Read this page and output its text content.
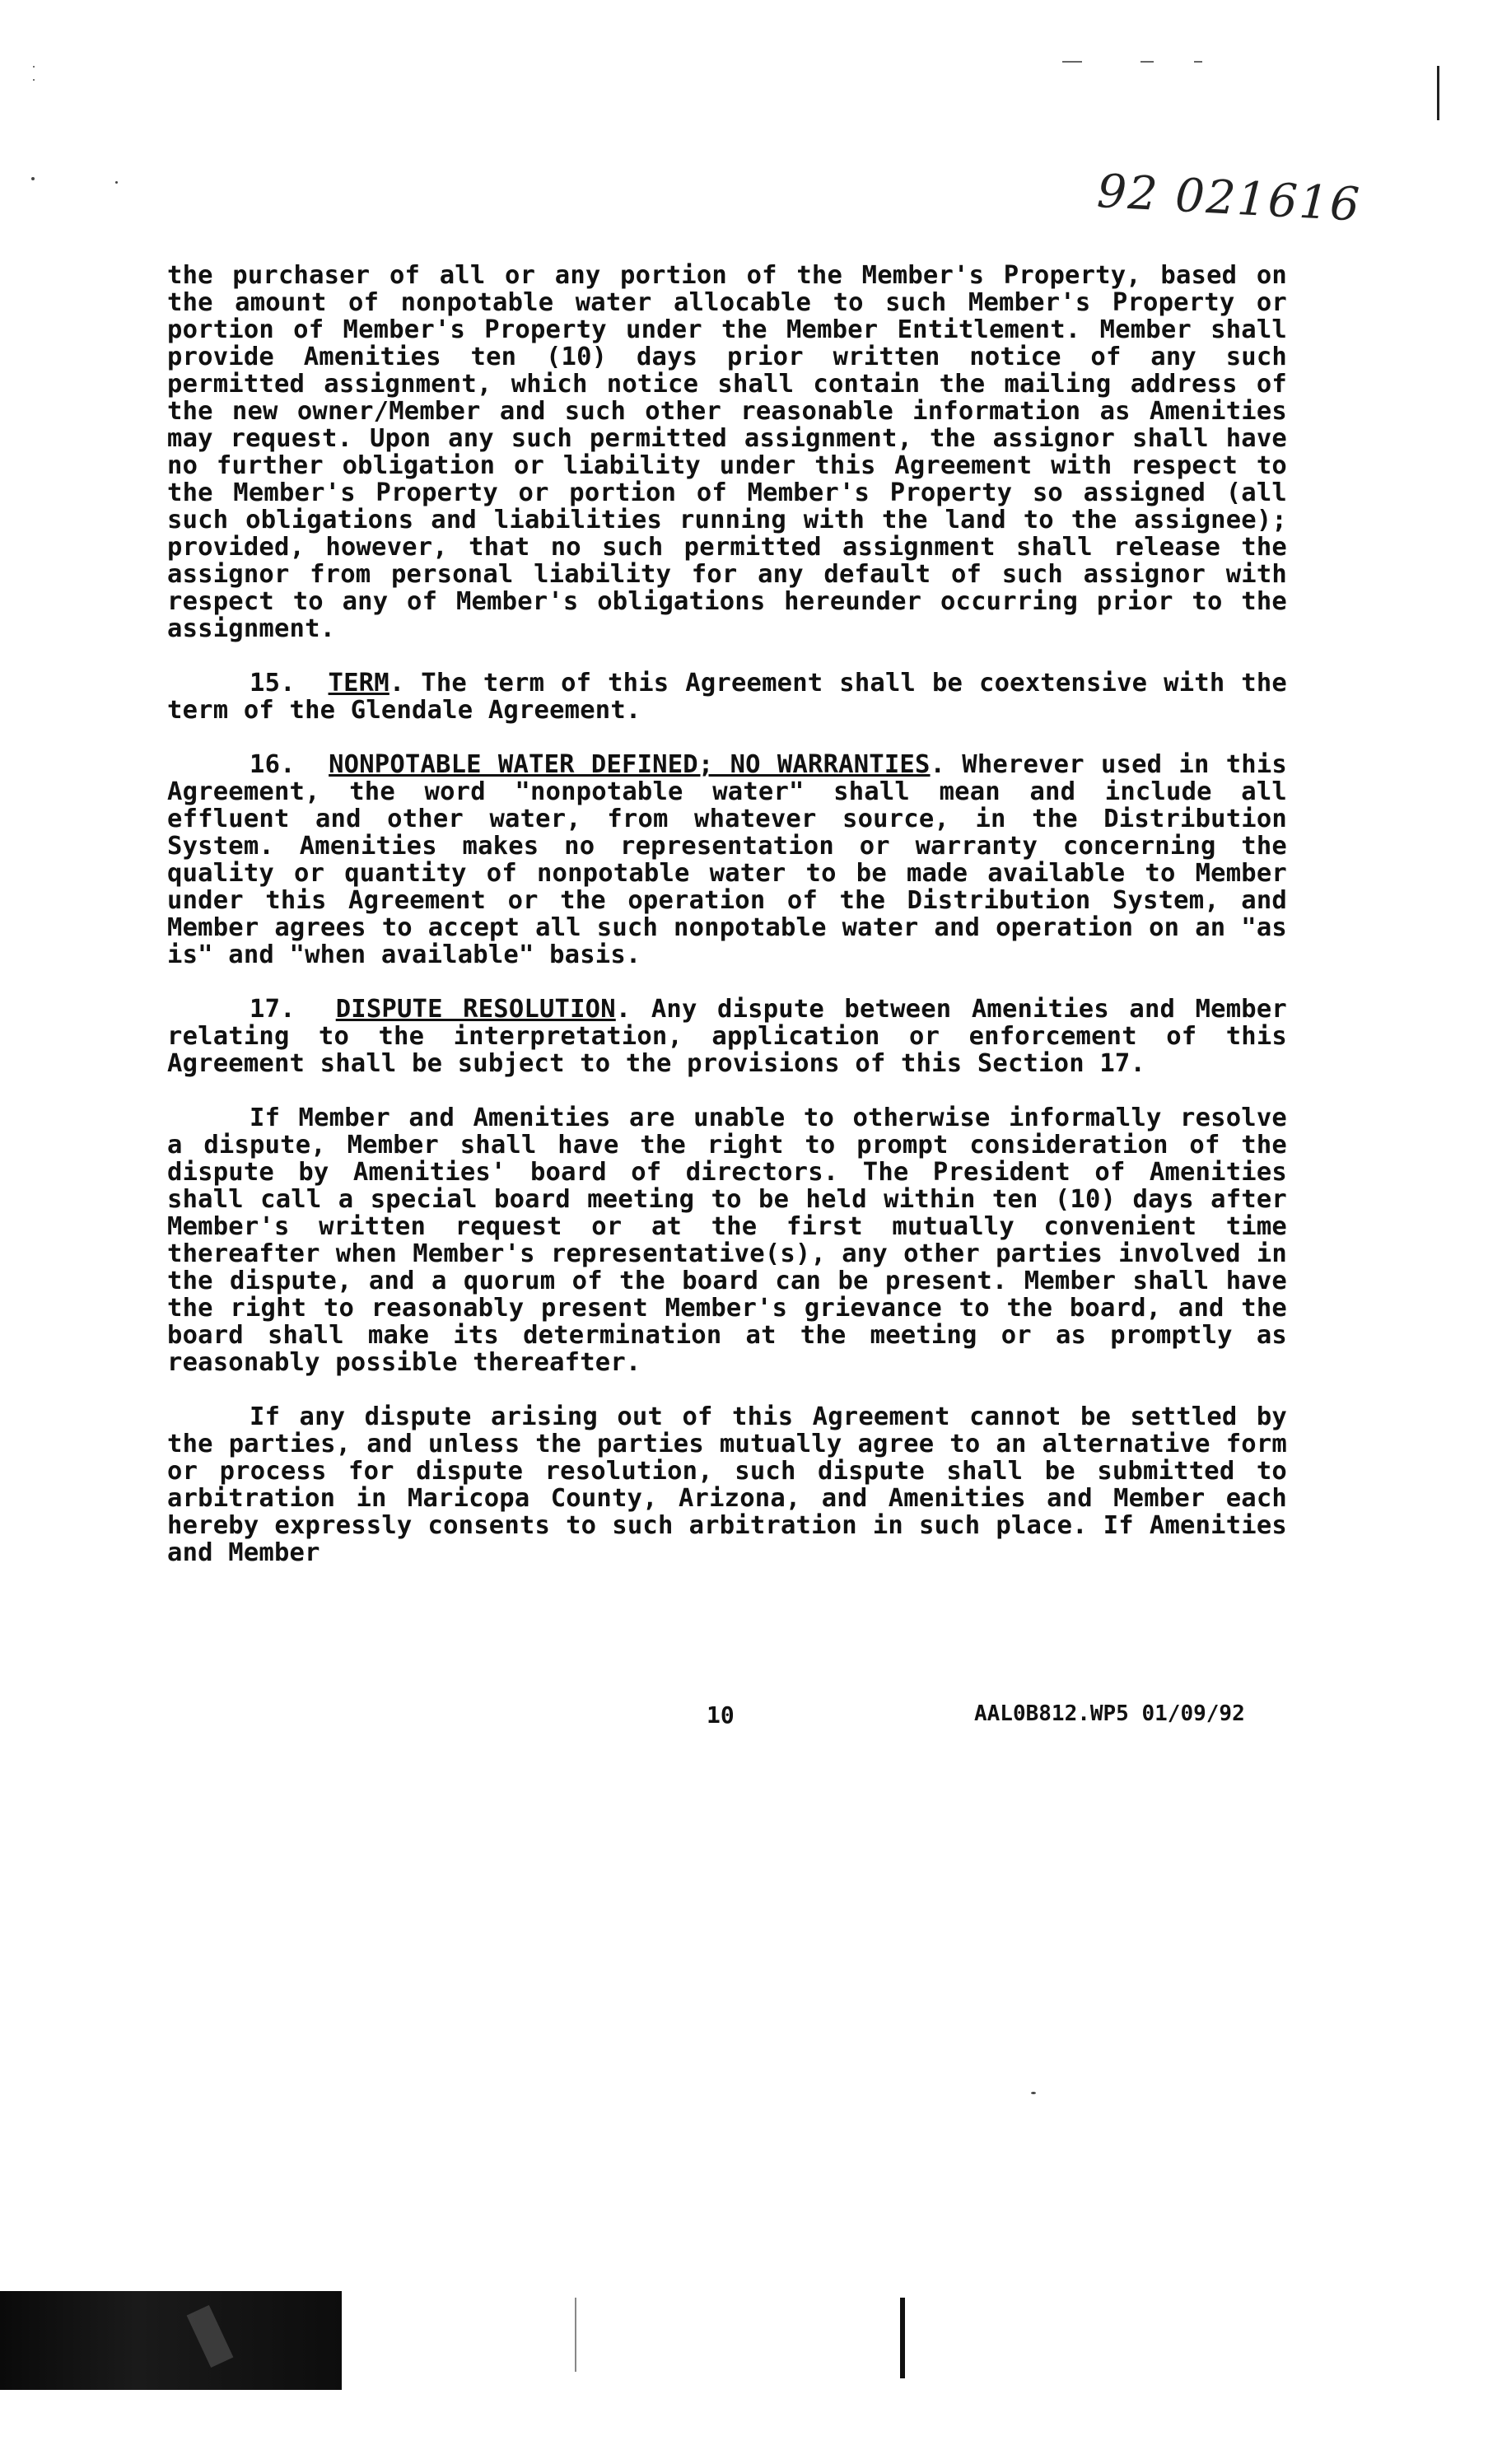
92 021616

the purchaser of all or any portion of the Member's Property, based on the amount of nonpotable water allocable to such Member's Property or portion of Member's Property under the Member Entitlement. Member shall provide Amenities ten (10) days prior written notice of any such permitted assignment, which notice shall contain the mailing address of the new owner/Member and such other reasonable information as Amenities may request. Upon any such permitted assignment, the assignor shall have no further obligation or liability under this Agreement with respect to the Member's Property or portion of Member's Property so assigned (all such obligations and liabilities running with the land to the assignee); provided, however, that no such permitted assignment shall release the assignor from personal liability for any default of such assignor with respect to any of Member's obligations hereunder occurring prior to the assignment.

15. TERM. The term of this Agreement shall be coextensive with the term of the Glendale Agreement.

16. NONPOTABLE WATER DEFINED; NO WARRANTIES. Wherever used in this Agreement, the word "nonpotable water" shall mean and include all effluent and other water, from whatever source, in the Distribution System. Amenities makes no representation or warranty concerning the quality or quantity of nonpotable water to be made available to Member under this Agreement or the operation of the Distribution System, and Member agrees to accept all such nonpotable water and operation on an "as is" and "when available" basis.

17. DISPUTE RESOLUTION. Any dispute between Amenities and Member relating to the interpretation, application or enforcement of this Agreement shall be subject to the provisions of this Section 17.

If Member and Amenities are unable to otherwise informally resolve a dispute, Member shall have the right to prompt consideration of the dispute by Amenities' board of directors. The President of Amenities shall call a special board meeting to be held within ten (10) days after Member's written request or at the first mutually convenient time thereafter when Member's representative(s), any other parties involved in the dispute, and a quorum of the board can be present. Member shall have the right to reasonably present Member's grievance to the board, and the board shall make its determination at the meeting or as promptly as reasonably possible thereafter.

If any dispute arising out of this Agreement cannot be settled by the parties, and unless the parties mutually agree to an alternative form or process for dispute resolution, such dispute shall be submitted to arbitration in Maricopa County, Arizona, and Amenities and Member each hereby expressly consents to such arbitration in such place. If Amenities and Member

10	AAL0B812.WP5 01/09/92
